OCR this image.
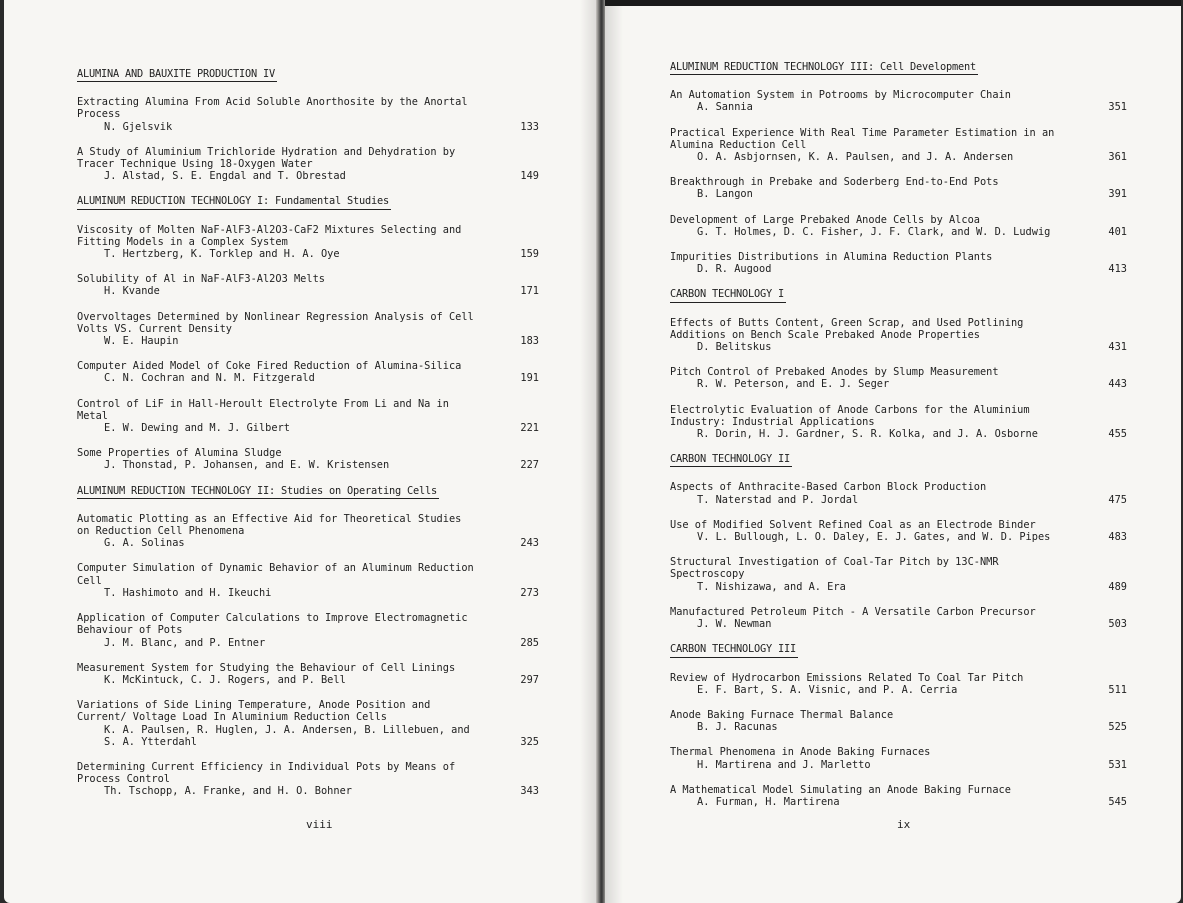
ALUMINA AND BAUXITE PRODUCTION IV
Extracting Alumina From Acid Soluble Anorthosite by the Anortal Process
N. Gjelsvik	133
A Study of Aluminium Trichloride Hydration and Dehydration by Tracer Technique Using 18-Oxygen Water
J. Alstad, S. E. Engdal and T. Obrestad	149
ALUMINUM REDUCTION TECHNOLOGY I: Fundamental Studies
Viscosity of Molten NaF-AlF3-Al2O3-CaF2 Mixtures Selecting and Fitting Models in a Complex System
T. Hertzberg, K. Torklep and H. A. Oye	159
Solubility of Al in NaF-AlF3-Al2O3 Melts
H. Kvande	171
Overvoltages Determined by Nonlinear Regression Analysis of Cell Volts VS. Current Density
W. E. Haupin	183
Computer Aided Model of Coke Fired Reduction of Alumina-Silica
C. N. Cochran and N. M. Fitzgerald	191
Control of LiF in Hall-Heroult Electrolyte From Li and Na in Metal
E. W. Dewing and M. J. Gilbert	221
Some Properties of Alumina Sludge
J. Thonstad, P. Johansen, and E. W. Kristensen	227
ALUMINUM REDUCTION TECHNOLOGY II: Studies on Operating Cells
Automatic Plotting as an Effective Aid for Theoretical Studies on Reduction Cell Phenomena
G. A. Solinas	243
Computer Simulation of Dynamic Behavior of an Aluminum Reduction Cell
T. Hashimoto and H. Ikeuchi	273
Application of Computer Calculations to Improve Electromagnetic Behaviour of Pots
J. M. Blanc, and P. Entner	285
Measurement System for Studying the Behaviour of Cell Linings
K. McKintuck, C. J. Rogers, and P. Bell	297
Variations of Side Lining Temperature, Anode Position and Current/ Voltage Load In Aluminium Reduction Cells
K. A. Paulsen, R. Huglen, J. A. Andersen, B. Lillebuen, and S. A. Ytterdahl	325
Determining Current Efficiency in Individual Pots by Means of Process Control
Th. Tschopp, A. Franke, and H. O. Bohner	343
viii
ALUMINUM REDUCTION TECHNOLOGY III: Cell Development
An Automation System in Potrooms by Microcomputer Chain
A. Sannia	351
Practical Experience With Real Time Parameter Estimation in an Alumina Reduction Cell
O. A. Asbjornsen, K. A. Paulsen, and J. A. Andersen	361
Breakthrough in Prebake and Soderberg End-to-End Pots
B. Langon	391
Development of Large Prebaked Anode Cells by Alcoa
G. T. Holmes, D. C. Fisher, J. F. Clark, and W. D. Ludwig	401
Impurities Distributions in Alumina Reduction Plants
D. R. Augood	413
CARBON TECHNOLOGY I
Effects of Butts Content, Green Scrap, and Used Potlining Additions on Bench Scale Prebaked Anode Properties
D. Belitskus	431
Pitch Control of Prebaked Anodes by Slump Measurement
R. W. Peterson, and E. J. Seger	443
Electrolytic Evaluation of Anode Carbons for the Aluminium Industry: Industrial Applications
R. Dorin, H. J. Gardner, S. R. Kolka, and J. A. Osborne	455
CARBON TECHNOLOGY II
Aspects of Anthracite-Based Carbon Block Production
T. Naterstad and P. Jordal	475
Use of Modified Solvent Refined Coal as an Electrode Binder
V. L. Bullough, L. O. Daley, E. J. Gates, and W. D. Pipes	483
Structural Investigation of Coal-Tar Pitch by 13C-NMR Spectroscopy
T. Nishizawa, and A. Era	489
Manufactured Petroleum Pitch - A Versatile Carbon Precursor
J. W. Newman	503
CARBON TECHNOLOGY III
Review of Hydrocarbon Emissions Related To Coal Tar Pitch
E. F. Bart, S. A. Visnic, and P. A. Cerria	511
Anode Baking Furnace Thermal Balance
B. J. Racunas	525
Thermal Phenomena in Anode Baking Furnaces
H. Martirena and J. Marletto	531
A Mathematical Model Simulating an Anode Baking Furnace
A. Furman, H. Martirena	545
ix
